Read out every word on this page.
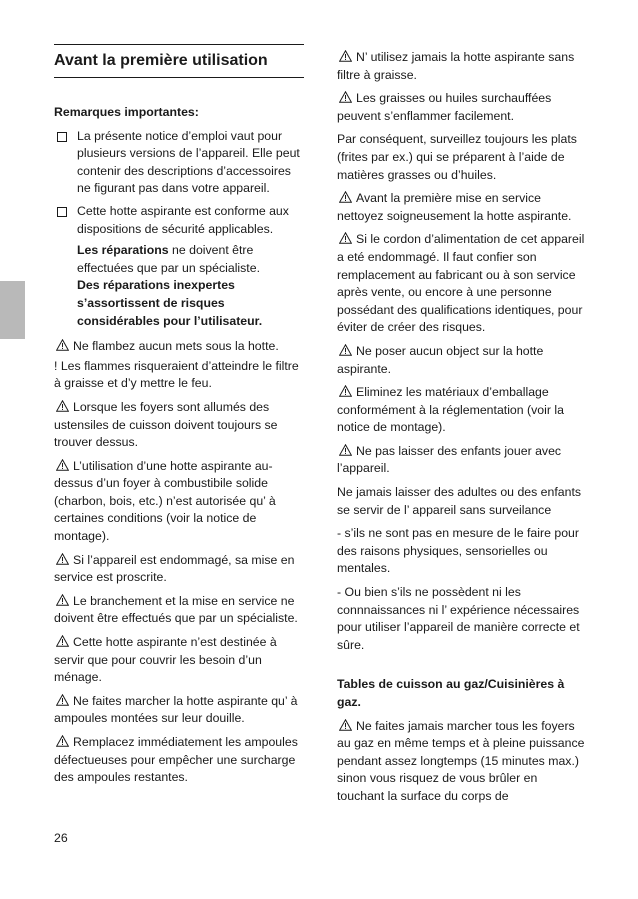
Avant la première utilisation
Remarques importantes:
La présente notice d’emploi vaut pour plusieurs versions de l’appareil. Elle peut contenir des descriptions d’accessoires ne figurant pas dans votre appareil.
Cette hotte aspirante est conforme aux dispositions de sécurité applicables.
Les réparations ne doivent être effectuées que par un spécialiste.
Des réparations inexpertes s’assortissent de risques considérables pour l’utilisateur.
Ne flambez aucun mets sous la hotte.
! Les flammes risqueraient d’atteindre le filtre à graisse et d’y mettre le feu.
Lorsque les foyers sont allumés des ustensiles de cuisson doivent toujours se trouver dessus.
L’utilisation d’une hotte aspirante au-dessus d’un foyer à combustibile solide (charbon, bois, etc.) n’est autorisée qu’ à certaines conditions (voir la notice de montage).
Si l’appareil est endommagé, sa mise en service est proscrite.
Le branchement et la mise en service ne doivent être effectués que par un spécialiste.
Cette hotte aspirante n’est destinée à servir que pour couvrir les besoin d’un ménage.
Ne faites marcher la hotte aspirante qu’ à ampoules montées sur leur douille.
Remplacez immédiatement les ampoules défectueuses pour empêcher une surcharge des ampoules restantes.
N’ utilisez jamais la hotte aspirante sans filtre à graisse.
Les graisses ou huiles surchauffées peuvent s’enflammer facilement.
Par conséquent, surveillez toujours les plats (frites par ex.) qui se préparent à l’aide de matières grasses ou d’huiles.
Avant la première mise en service nettoyez soigneusement la hotte aspirante.
Si le cordon d’alimentation de cet appareil a eté endommagé. Il faut confier son remplacement au fabricant ou à son service après vente, ou encore à une personne possédant des qualifications identiques, pour éviter de créer des risques.
Ne poser aucun object sur la hotte aspirante.
Eliminez les matériaux d’emballage conformément à la réglementation (voir la notice de montage).
Ne pas laisser des enfants jouer avec l’appareil.
Ne jamais laisser des adultes ou des enfants se servir de l’ appareil sans surveilance
- s’ils ne sont pas en mesure de le faire pour des raisons physiques, sensorielles ou mentales.
- Ou bien s’ils ne possèdent ni les connnaissances ni l’ expérience nécessaires pour utiliser l’appareil de manière correcte et sûre.
Tables de cuisson au gaz/Cuisinières à gaz.
Ne faites jamais marcher tous les foyers au gaz en même temps et à pleine puissance pendant assez longtemps (15 minutes max.) sinon vous risquez de vous brûler en touchant la surface du corps de
26
